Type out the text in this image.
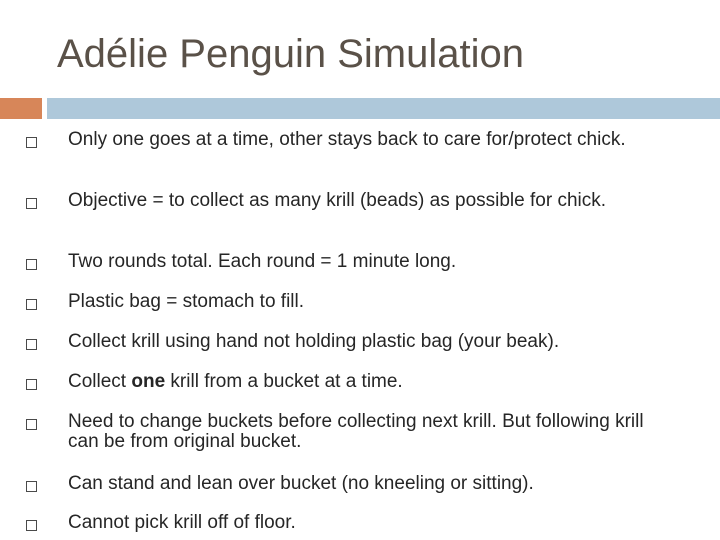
Adélie Penguin Simulation
Only one goes at a time, other stays back to care for/protect chick.
Objective = to collect as many krill (beads) as possible for chick.
Two rounds total. Each round = 1 minute long.
Plastic bag = stomach to fill.
Collect krill using hand not holding plastic bag (your beak).
Collect one krill from a bucket at a time.
Need to change buckets before collecting next krill. But following krill can be from original bucket.
Can stand and lean over bucket (no kneeling or sitting).
Cannot pick krill off of floor.
